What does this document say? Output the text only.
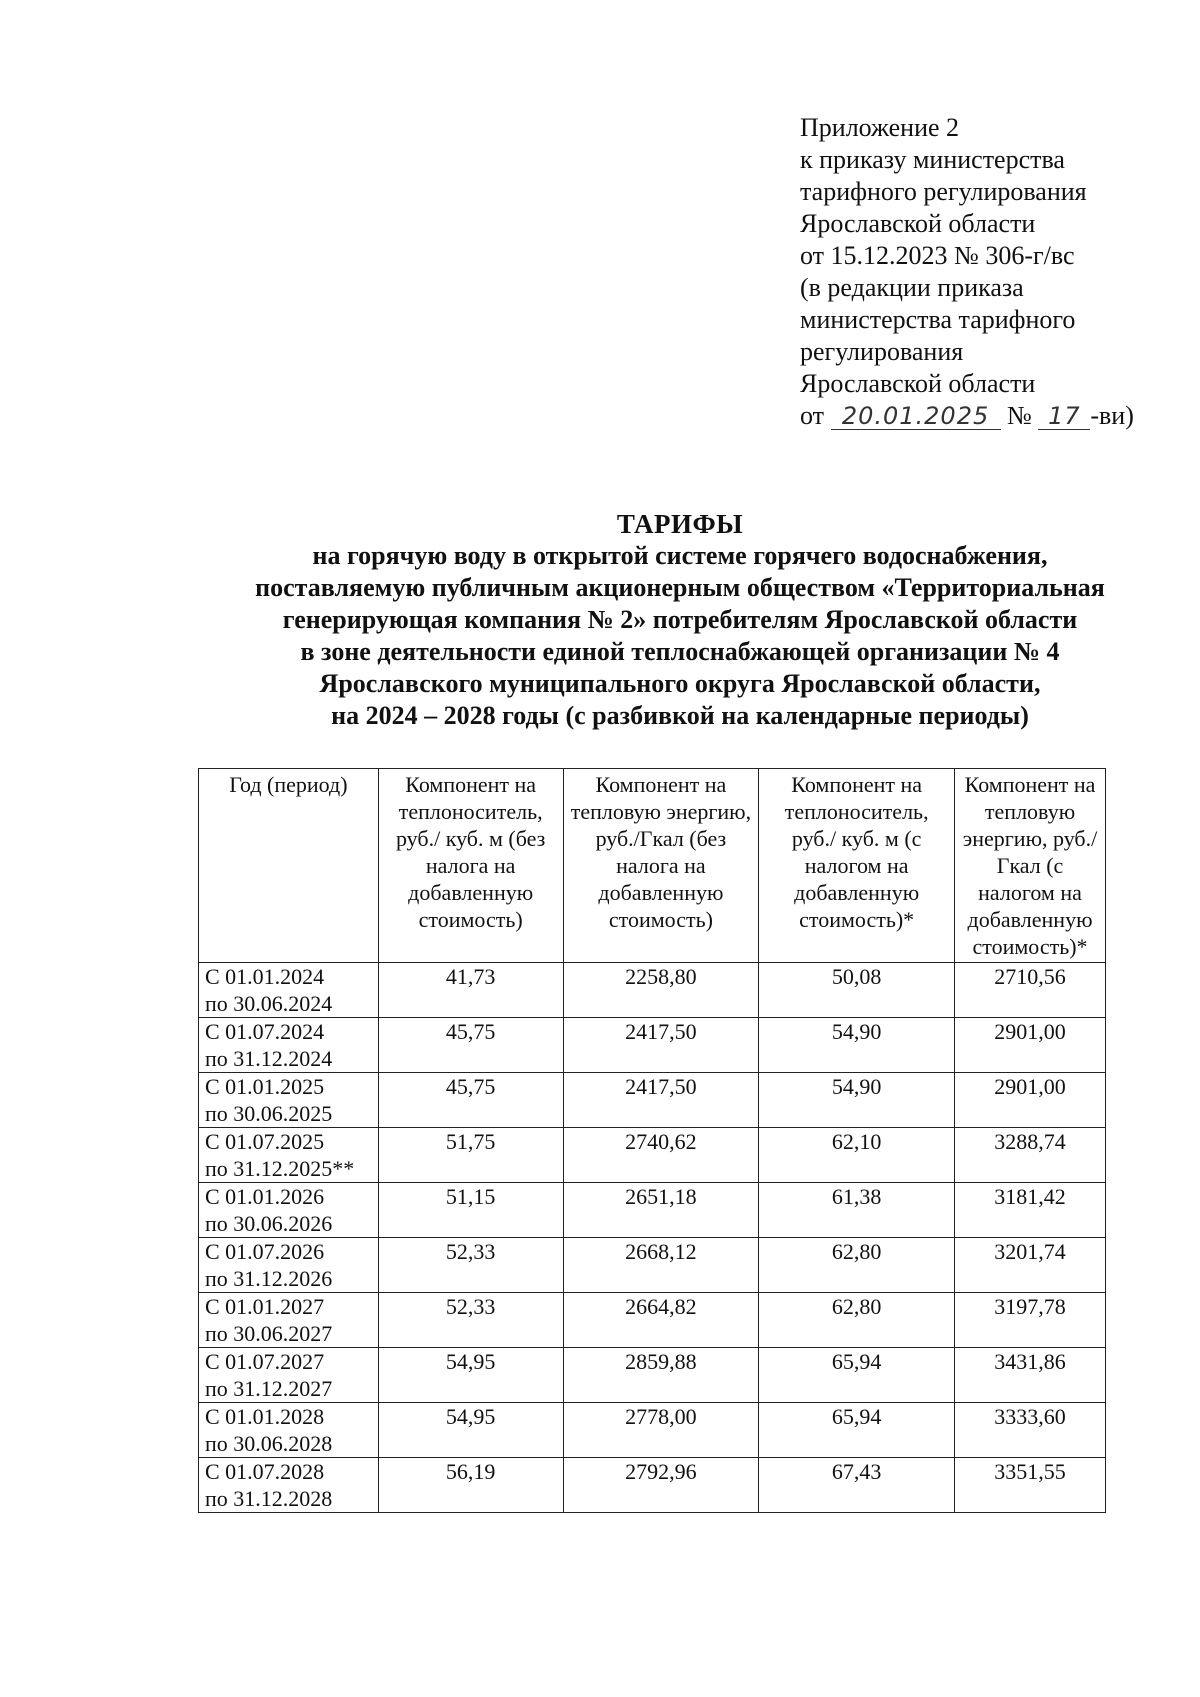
Приложение 2
к приказу министерства
тарифного регулирования
Ярославской области
от 15.12.2023 № 306-г/вс
(в редакции приказа
министерства тарифного
регулирования
Ярославской области
от 20.01.2025 № 17 -ви)
ТАРИФЫ
на горячую воду в открытой системе горячего водоснабжения,
поставляемую публичным акционерным обществом «Территориальная
генерирующая компания № 2» потребителям Ярославской области
в зоне деятельности единой теплоснабжающей организации № 4
Ярославского муниципального округа Ярославской области,
на 2024 – 2028 годы (с разбивкой на календарные периоды)
Год (период)	Компонент на теплоноситель, руб./ куб. м (без налога на добавленную стоимость)	Компонент на тепловую энергию, руб./Гкал (без налога на добавленную стоимость)	Компонент на теплоноситель, руб./ куб. м (с налогом на добавленную стоимость)*	Компонент на тепловую энергию, руб./Гкал (с налогом на добавленную стоимость)*

С 01.01.2024
по 30.06.2024	41,73	2258,80	50,08	2710,56

С 01.07.2024
по 31.12.2024	45,75	2417,50	54,90	2901,00

С 01.01.2025
по 30.06.2025	45,75	2417,50	54,90	2901,00

С 01.07.2025
по 31.12.2025**	51,75	2740,62	62,10	3288,74

С 01.01.2026
по 30.06.2026	51,15	2651,18	61,38	3181,42

С 01.07.2026
по 31.12.2026	52,33	2668,12	62,80	3201,74

С 01.01.2027
по 30.06.2027	52,33	2664,82	62,80	3197,78

С 01.07.2027
по 31.12.2027	54,95	2859,88	65,94	3431,86

С 01.01.2028
по 30.06.2028	54,95	2778,00	65,94	3333,60

С 01.07.2028
по 31.12.2028	56,19	2792,96	67,43	3351,55
